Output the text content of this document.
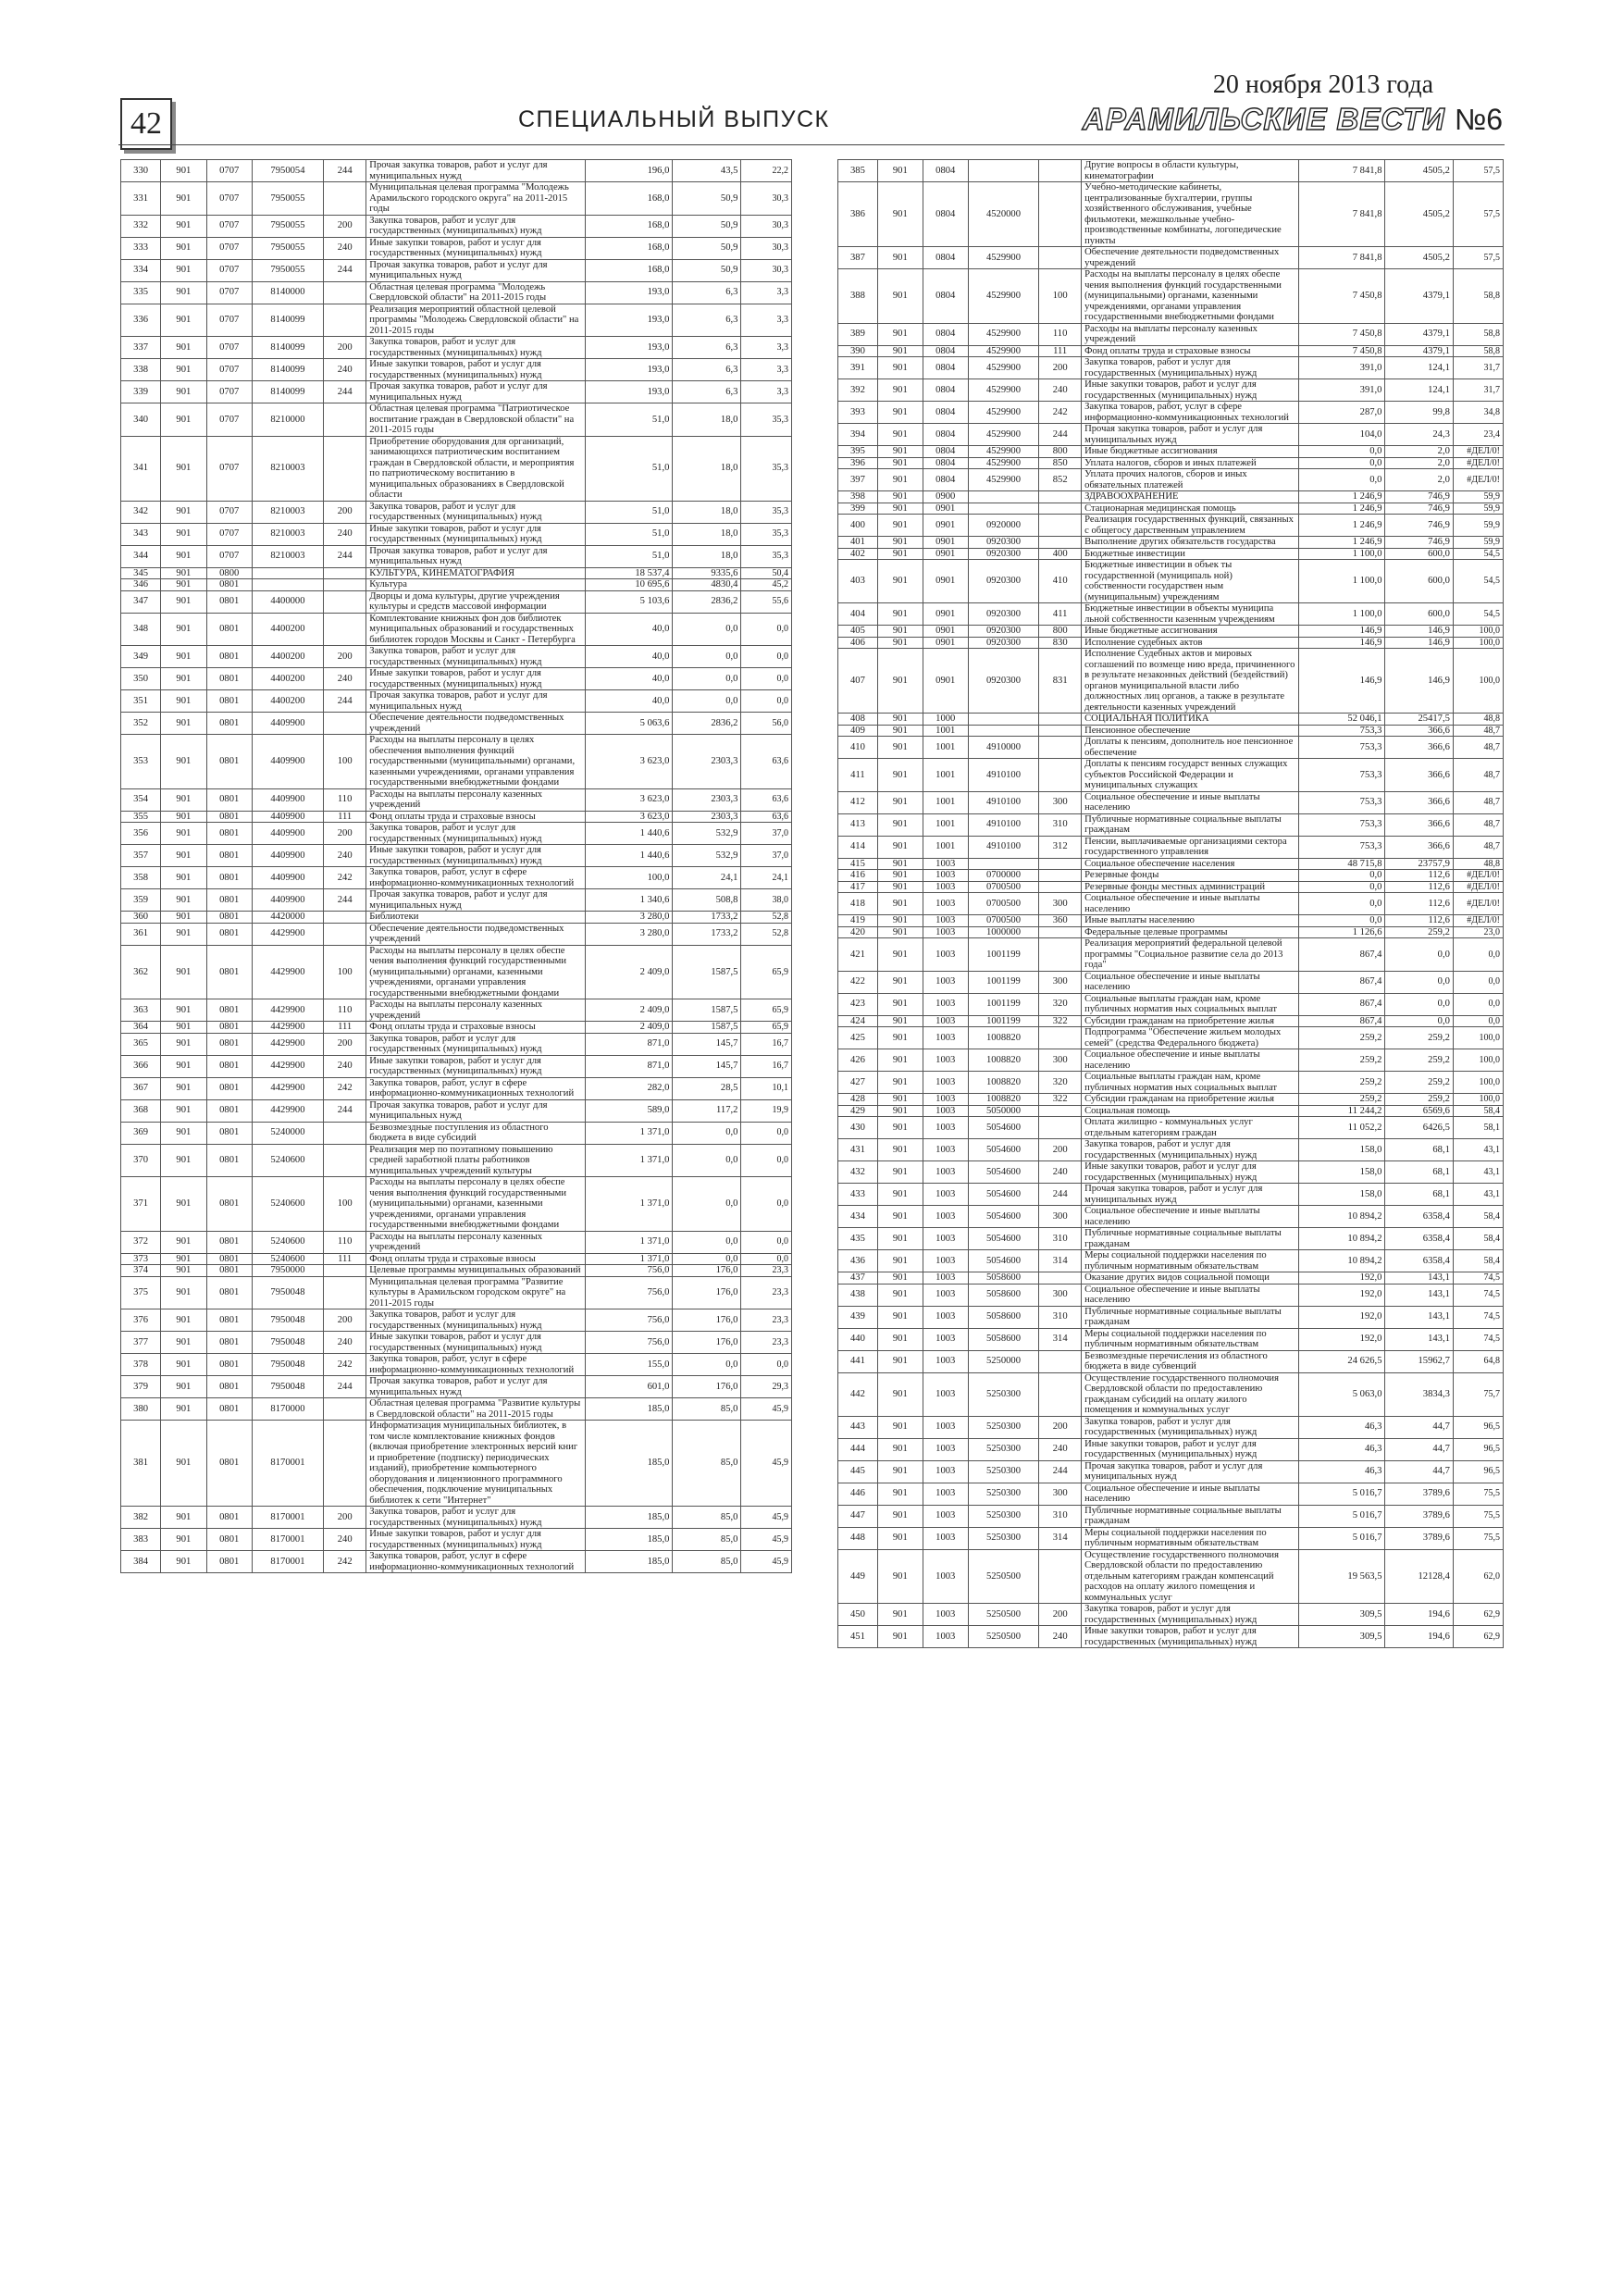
42	СПЕЦИАЛЬНЫЙ ВЫПУСК
20 ноября 2013 года
АРАМИЛЬСКИЕ ВЕСТИ №6
330	901	0707	7950054	244	Прочая закупка товаров, работ и услуг для муниципальных нужд	196,0	43,5	22,2
331	901	0707	7950055		Муниципальная целевая программа "Молодежь Арамильского городского округа" на 2011-2015 годы	168,0	50,9	30,3
332	901	0707	7950055	200	Закупка товаров, работ и услуг для государственных (муниципальных) нужд	168,0	50,9	30,3
333	901	0707	7950055	240	Иные закупки товаров, работ и услуг для государственных (муниципальных) нужд	168,0	50,9	30,3
334	901	0707	7950055	244	Прочая закупка товаров, работ и услуг для муниципальных нужд	168,0	50,9	30,3
335	901	0707	8140000		Областная целевая программа "Молодежь Свердловской области" на 2011-2015 годы	193,0	6,3	3,3
336	901	0707	8140099		Реализация мероприятий областной целевой программы "Молодежь Свердловской области" на 2011-2015 годы	193,0	6,3	3,3
337	901	0707	8140099	200	Закупка товаров, работ и услуг для государственных (муниципальных) нужд	193,0	6,3	3,3
338	901	0707	8140099	240	Иные закупки товаров, работ и услуг для государственных (муниципальных) нужд	193,0	6,3	3,3
339	901	0707	8140099	244	Прочая закупка товаров, работ и услуг для муниципальных нужд	193,0	6,3	3,3
340	901	0707	8210000		Областная целевая программа "Патриотическое воспитание граждан в Свердловской области" на 2011-2015 годы	51,0	18,0	35,3
341	901	0707	8210003		Приобретение оборудования для организаций, занимающихся патриотическим воспитанием граждан в Свердловской области, и мероприятия по патриотическому воспитанию в муниципальных образованиях в Свердловской области	51,0	18,0	35,3
342	901	0707	8210003	200	Закупка товаров, работ и услуг для государственных (муниципальных) нужд	51,0	18,0	35,3
343	901	0707	8210003	240	Иные закупки товаров, работ и услуг для государственных (муниципальных) нужд	51,0	18,0	35,3
344	901	0707	8210003	244	Прочая закупка товаров, работ и услуг для муниципальных нужд	51,0	18,0	35,3
345	901	0800			КУЛЬТУРА, КИНЕМАТОГРАФИЯ	18 537,4	9335,6	50,4
346	901	0801			Культура	10 695,6	4830,4	45,2
347	901	0801	4400000		Дворцы и дома культуры, другие учреждения культуры и средств массовой информации	5 103,6	2836,2	55,6
348	901	0801	4400200		Комплектование книжных фон дов библиотек муниципальных образований и государственных библиотек городов Москвы и Санкт - Петербурга	40,0	0,0	0,0
349	901	0801	4400200	200	Закупка товаров, работ и услуг для государственных (муниципальных) нужд	40,0	0,0	0,0
350	901	0801	4400200	240	Иные закупки товаров, работ и услуг для государственных (муниципальных) нужд	40,0	0,0	0,0
351	901	0801	4400200	244	Прочая закупка товаров, работ и услуг для муниципальных нужд	40,0	0,0	0,0
352	901	0801	4409900		Обеспечение деятельности подведомственных учреждений	5 063,6	2836,2	56,0
353	901	0801	4409900	100	Расходы на выплаты персоналу в целях обеспечения выполнения функций государственными (муниципальными) органами, казенными учреждениями, органами управления государственными внебюджетными фондами	3 623,0	2303,3	63,6
354	901	0801	4409900	110	Расходы на выплаты персоналу казенных учреждений	3 623,0	2303,3	63,6
355	901	0801	4409900	111	Фонд оплаты труда и страховые взносы	3 623,0	2303,3	63,6
356	901	0801	4409900	200	Закупка товаров, работ и услуг для государственных (муниципальных) нужд	1 440,6	532,9	37,0
357	901	0801	4409900	240	Иные закупки товаров, работ и услуг для государственных (муниципальных) нужд	1 440,6	532,9	37,0
358	901	0801	4409900	242	Закупка товаров, работ, услуг в сфере информационно-коммуникационных технологий	100,0	24,1	24,1
359	901	0801	4409900	244	Прочая закупка товаров, работ и услуг для муниципальных нужд	1 340,6	508,8	38,0
360	901	0801	4420000		Библиотеки	3 280,0	1733,2	52,8
361	901	0801	4429900		Обеспечение деятельности подведомственных учреждений	3 280,0	1733,2	52,8
362	901	0801	4429900	100	Расходы на выплаты персоналу в целях обеспе чения выполнения функций государственными (муниципальными) органами, казенными учреждениями, органами управления государственными внебюджетными фондами	2 409,0	1587,5	65,9
363	901	0801	4429900	110	Расходы на выплаты персоналу казенных учреждений	2 409,0	1587,5	65,9
364	901	0801	4429900	111	Фонд оплаты труда и страховые взносы	2 409,0	1587,5	65,9
365	901	0801	4429900	200	Закупка товаров, работ и услуг для государственных (муниципальных) нужд	871,0	145,7	16,7
366	901	0801	4429900	240	Иные закупки товаров, работ и услуг для государственных (муниципальных) нужд	871,0	145,7	16,7
367	901	0801	4429900	242	Закупка товаров, работ, услуг в сфере информационно-коммуникационных технологий	282,0	28,5	10,1
368	901	0801	4429900	244	Прочая закупка товаров, работ и услуг для муниципальных нужд	589,0	117,2	19,9
369	901	0801	5240000		Безвозмездные поступления из областного бюджета в виде субсидий	1 371,0	0,0	0,0
370	901	0801	5240600		Реализация мер по поэтапному повышению средней заработной платы работников муниципальных учреждений культуры	1 371,0	0,0	0,0
371	901	0801	5240600	100	Расходы на выплаты персоналу в целях обеспе чения выполнения функций государственными (муниципальными) органами, казенными учреждениями, органами управления государственными внебюджетными фондами	1 371,0	0,0	0,0
372	901	0801	5240600	110	Расходы на выплаты персоналу казенных учреждений	1 371,0	0,0	0,0
373	901	0801	5240600	111	Фонд оплаты труда и страховые взносы	1 371,0	0,0	0,0
374	901	0801	7950000		Целевые программы муниципальных образований	756,0	176,0	23,3
375	901	0801	7950048		Муниципальная целевая программа "Развитие культуры в Арамильском городском округе" на 2011-2015 годы	756,0	176,0	23,3
376	901	0801	7950048	200	Закупка товаров, работ и услуг для государственных (муниципальных) нужд	756,0	176,0	23,3
377	901	0801	7950048	240	Иные закупки товаров, работ и услуг для государственных (муниципальных) нужд	756,0	176,0	23,3
378	901	0801	7950048	242	Закупка товаров, работ, услуг в сфере информационно-коммуникационных технологий	155,0	0,0	0,0
379	901	0801	7950048	244	Прочая закупка товаров, работ и услуг для муниципальных нужд	601,0	176,0	29,3
380	901	0801	8170000		Областная целевая программа "Развитие культуры в Свердловской области" на 2011-2015 годы	185,0	85,0	45,9
381	901	0801	8170001		Информатизация муниципальных библиотек, в том числе комплектование книжных фондов (включая приобретение электронных версий книг и приобретение (подписку) периодических изданий), приобретение компьютерного оборудования и лицензионного программного обеспечения, подключение муниципальных библиотек к сети "Интернет"	185,0	85,0	45,9
382	901	0801	8170001	200	Закупка товаров, работ и услуг для государственных (муниципальных) нужд	185,0	85,0	45,9
383	901	0801	8170001	240	Иные закупки товаров, работ и услуг для государственных (муниципальных) нужд	185,0	85,0	45,9
384	901	0801	8170001	242	Закупка товаров, работ, услуг в сфере информационно-коммуникационных технологий	185,0	85,0	45,9
385	901	0804			Другие вопросы в области культуры, кинематографии	7 841,8	4505,2	57,5
386	901	0804	4520000		Учебно-методические кабинеты, централизованные бухгалтерии, группы хозяйственного обслуживания, учебные фильмотеки, межшкольные учебно-производственные комбинаты, логопедические пункты	7 841,8	4505,2	57,5
387	901	0804	4529900		Обеспечение деятельности подведомственных учреждений	7 841,8	4505,2	57,5
388	901	0804	4529900	100	Расходы на выплаты персоналу в целях обеспе чения выполнения функций государственными (муниципальными) органами, казенными учреждениями, органами управления государственными внебюджетными фондами	7 450,8	4379,1	58,8
389	901	0804	4529900	110	Расходы на выплаты персоналу казенных учреждений	7 450,8	4379,1	58,8
390	901	0804	4529900	111	Фонд оплаты труда и страховые взносы	7 450,8	4379,1	58,8
391	901	0804	4529900	200	Закупка товаров, работ и услуг для государственных (муниципальных) нужд	391,0	124,1	31,7
392	901	0804	4529900	240	Иные закупки товаров, работ и услуг для государственных (муниципальных) нужд	391,0	124,1	31,7
393	901	0804	4529900	242	Закупка товаров, работ, услуг в сфере информационно-коммуникационных технологий	287,0	99,8	34,8
394	901	0804	4529900	244	Прочая закупка товаров, работ и услуг для муниципальных нужд	104,0	24,3	23,4
395	901	0804	4529900	800	Иные бюджетные ассигнования	0,0	2,0	#ДЕЛ/0!
396	901	0804	4529900	850	Уплата налогов, сборов и иных платежей	0,0	2,0	#ДЕЛ/0!
397	901	0804	4529900	852	Уплата прочих налогов, сборов и иных обязательных платежей	0,0	2,0	#ДЕЛ/0!
398	901	0900			ЗДРАВООХРАНЕНИЕ	1 246,9	746,9	59,9
399	901	0901			Стационарная медицинская помощь	1 246,9	746,9	59,9
400	901	0901	0920000		Реализация государственных функций, связанных с общегосу дарственным управлением	1 246,9	746,9	59,9
401	901	0901	0920300		Выполнение других обязательств государства	1 246,9	746,9	59,9
402	901	0901	0920300	400	Бюджетные инвестиции	1 100,0	600,0	54,5
403	901	0901	0920300	410	Бюджетные инвестиции в объек ты государственной (муниципаль ной) собственности государствен ным (муниципальным) учреждениям	1 100,0	600,0	54,5
404	901	0901	0920300	411	Бюджетные инвестиции в объекты муниципа льной собственности казенным учреждениям	1 100,0	600,0	54,5
405	901	0901	0920300	800	Иные бюджетные ассигнования	146,9	146,9	100,0
406	901	0901	0920300	830	Исполнение судебных актов	146,9	146,9	100,0
407	901	0901	0920300	831	Исполнение Судебных актов и мировых соглашений по возмеще нию вреда, причиненного в результате незаконных действий (бездействий) органов муниципальной власти либо должностных лиц органов, а также в результате деятельности казенных учреждений	146,9	146,9	100,0
408	901	1000			СОЦИАЛЬНАЯ ПОЛИТИКА	52 046,1	25417,5	48,8
409	901	1001			Пенсионное обеспечение	753,3	366,6	48,7
410	901	1001	4910000		Доплаты к пенсиям, дополнитель ное пенсионное обеспечение	753,3	366,6	48,7
411	901	1001	4910100		Доплаты к пенсиям государст венных служащих субъектов Российской Федерации и муниципальных служащих	753,3	366,6	48,7
412	901	1001	4910100	300	Социальное обеспечение и иные выплаты населению	753,3	366,6	48,7
413	901	1001	4910100	310	Публичные нормативные социальные выплаты гражданам	753,3	366,6	48,7
414	901	1001	4910100	312	Пенсии, выплачиваемые организациями сектора государственного управления	753,3	366,6	48,7
415	901	1003			Социальное обеспечение населения	48 715,8	23757,9	48,8
416	901	1003	0700000		Резервные фонды	0,0	112,6	#ДЕЛ/0!
417	901	1003	0700500		Резервные фонды местных администраций	0,0	112,6	#ДЕЛ/0!
418	901	1003	0700500	300	Социальное обеспечение и иные выплаты населению	0,0	112,6	#ДЕЛ/0!
419	901	1003	0700500	360	Иные выплаты населению	0,0	112,6	#ДЕЛ/0!
420	901	1003	1000000		Федеральные целевые программы	1 126,6	259,2	23,0
421	901	1003	1001199		Реализация мероприятий федеральной целевой программы "Социальное развитие села до 2013 года"	867,4	0,0	0,0
422	901	1003	1001199	300	Социальное обеспечение и иные выплаты населению	867,4	0,0	0,0
423	901	1003	1001199	320	Социальные выплаты граждан нам, кроме публичных норматив ных социальных выплат	867,4	0,0	0,0
424	901	1003	1001199	322	Субсидии гражданам на приобретение жилья	867,4	0,0	0,0
425	901	1003	1008820		Подпрограмма "Обеспечение жильем молодых семей" (средства Федерального бюджета)	259,2	259,2	100,0
426	901	1003	1008820	300	Социальное обеспечение и иные выплаты населению	259,2	259,2	100,0
427	901	1003	1008820	320	Социальные выплаты граждан нам, кроме публичных норматив ных социальных выплат	259,2	259,2	100,0
428	901	1003	1008820	322	Субсидии гражданам на приобретение жилья	259,2	259,2	100,0
429	901	1003	5050000		Социальная помощь	11 244,2	6569,6	58,4
430	901	1003	5054600		Оплата жилищно - коммунальных услуг отдельным категориям граждан	11 052,2	6426,5	58,1
431	901	1003	5054600	200	Закупка товаров, работ и услуг для государственных (муниципальных) нужд	158,0	68,1	43,1
432	901	1003	5054600	240	Иные закупки товаров, работ и услуг для государственных (муниципальных) нужд	158,0	68,1	43,1
433	901	1003	5054600	244	Прочая закупка товаров, работ и услуг для муниципальных нужд	158,0	68,1	43,1
434	901	1003	5054600	300	Социальное обеспечение и иные выплаты населению	10 894,2	6358,4	58,4
435	901	1003	5054600	310	Публичные нормативные социальные выплаты гражданам	10 894,2	6358,4	58,4
436	901	1003	5054600	314	Меры социальной поддержки населения по публичным нормативным обязательствам	10 894,2	6358,4	58,4
437	901	1003	5058600		Оказание других видов социальной помощи	192,0	143,1	74,5
438	901	1003	5058600	300	Социальное обеспечение и иные выплаты населению	192,0	143,1	74,5
439	901	1003	5058600	310	Публичные нормативные социальные выплаты гражданам	192,0	143,1	74,5
440	901	1003	5058600	314	Меры социальной поддержки населения по публичным нормативным обязательствам	192,0	143,1	74,5
441	901	1003	5250000		Безвозмездные перечисления из областного бюджета в виде субвенций	24 626,5	15962,7	64,8
442	901	1003	5250300		Осуществление государственного полномочия Свердловской области по предоставлению гражданам субсидий на оплату жилого помещения и коммунальных услуг	5 063,0	3834,3	75,7
443	901	1003	5250300	200	Закупка товаров, работ и услуг для государственных (муниципальных) нужд	46,3	44,7	96,5
444	901	1003	5250300	240	Иные закупки товаров, работ и услуг для государственных (муниципальных) нужд	46,3	44,7	96,5
445	901	1003	5250300	244	Прочая закупка товаров, работ и услуг для муниципальных нужд	46,3	44,7	96,5
446	901	1003	5250300	300	Социальное обеспечение и иные выплаты населению	5 016,7	3789,6	75,5
447	901	1003	5250300	310	Публичные нормативные социальные выплаты гражданам	5 016,7	3789,6	75,5
448	901	1003	5250300	314	Меры социальной поддержки населения по публичным нормативным обязательствам	5 016,7	3789,6	75,5
449	901	1003	5250500		Осуществление государственного полномочия Свердловской области по предоставлению отдельным категориям граждан компенсаций расходов на оплату жилого помещения и коммунальных услуг	19 563,5	12128,4	62,0
450	901	1003	5250500	200	Закупка товаров, работ и услуг для государственных (муниципальных) нужд	309,5	194,6	62,9
451	901	1003	5250500	240	Иные закупки товаров, работ и услуг для государственных (муниципальных) нужд	309,5	194,6	62,9
